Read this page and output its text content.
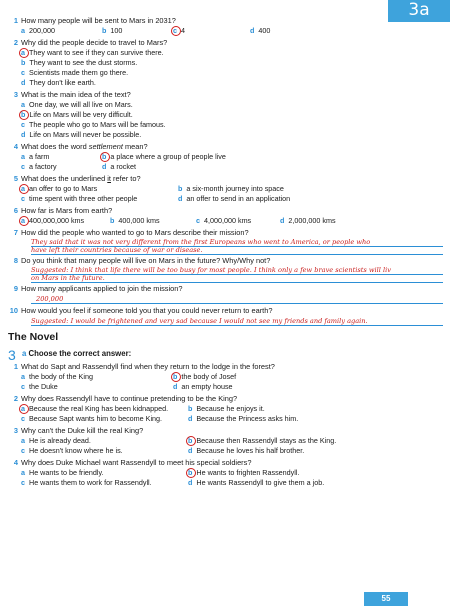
3a
1 How many people will be sent to Mars in 2031?
a 200,000	b 100	c 4	d 400
2 Why did the people decide to travel to Mars?
a They want to see if they can survive there.
b They want to see the dust storms.
c Scientists made them go there.
d They don't like earth.
3 What is the main idea of the text?
a One day, we will all live on Mars.
b Life on Mars will be very difficult.
c The people who go to Mars will be famous.
d Life on Mars will never be possible.
4 What does the word settlement mean?
a a farm	b a place where a group of people live
c a factory	d a rocket
5 What does the underlined it refer to?
a an offer to go to Mars	b a six-month journey into space
c time spent with three other people	d an offer to send in an application
6 How far is Mars from earth?
a 400,000,000 kms	b 400,000 kms	c 4,000,000 kms	d 2,000,000 kms
7 How did the people who wanted to go to Mars describe their mission?
They said that it was not very different from the first Europeans who went to America, or people who
have left their countries because of war or disease.
8 Do you think that many people will live on Mars in the future? Why/Why not?
Suggested: I think that life there will be too busy for most people. I think only a few brave scientists will liv
on Mars in the future.
9 How many applicants applied to join the mission?
200,000
10 How would you feel if someone told you that you could never return to earth?
Suggested: I would be frightened and very sad because I would not see my friends and family again.
The Novel
3 a Choose the correct answer:
1 What do Sapt and Rassendyll find when they return to the lodge in the forest?
a the body of the King	b the body of Josef
c the Duke	d an empty house
2 Why does Rassendyll have to continue pretending to be the King?
a Because the real King has been kidnapped.	b Because he enjoys it.
c Because Sapt wants him to become King.	d Because the Princess asks him.
3 Why can't the Duke kill the real King?
a He is already dead.	b Because then Rassendyll stays as the King.
c He doesn't know where he is.	d Because he loves his half brother.
4 Why does Duke Michael want Rassendyll to meet his special soldiers?
a He wants to be friendly.	b He wants to frighten Rassendyll.
c He wants them to work for Rassendyll.	d He wants Rassendyll to give them a job.
55
